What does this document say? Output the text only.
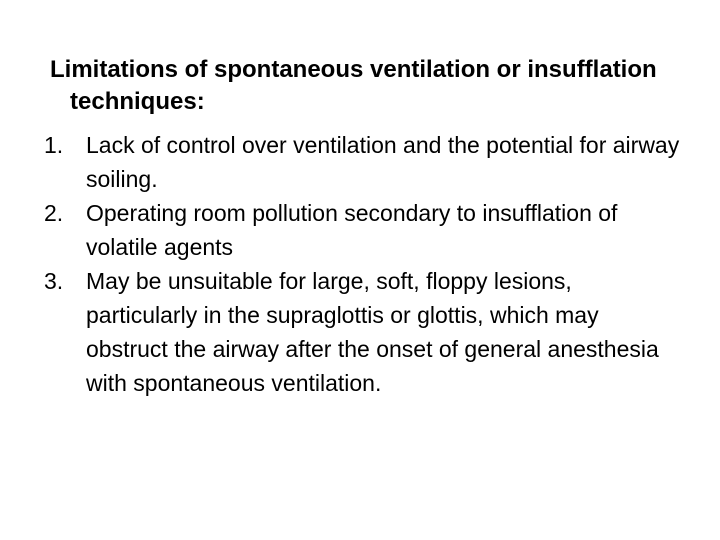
Limitations of spontaneous ventilation or insufflation techniques:

1. Lack of control over ventilation and the potential for airway soiling.
2. Operating room pollution secondary to insufflation of volatile agents
3. May be unsuitable for large, soft, floppy lesions, particularly in the supraglottis or glottis, which may obstruct the airway after the onset of general anesthesia with spontaneous ventilation.
